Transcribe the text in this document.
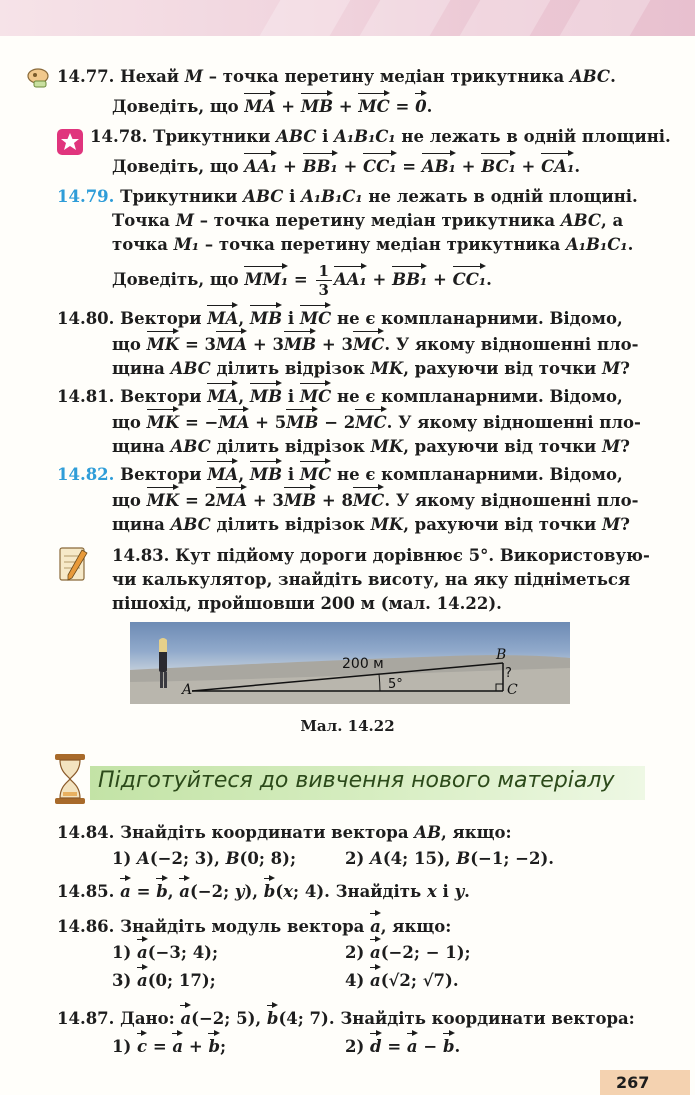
14.77. Нехай M – точка перетину медіан трикутника ABC.
Доведіть, що MA + MB + MC = 0.
14.78. Трикутники ABC і A₁B₁C₁ не лежать в одній площині.
Доведіть, що AA₁ + BB₁ + CC₁ = AB₁ + BC₁ + CA₁.
14.79. Трикутники ABC і A₁B₁C₁ не лежать в одній площині.
Точка M – точка перетину медіан трикутника ABC, а
точка M₁ – точка перетину медіан трикутника A₁B₁C₁.
Доведіть, що $MM_1 = \frac{1}{3} AA_1 + BB_1 + CC_1$.
14.80. Вектори MA, MB і MC не є компланарними. Відомо,
що MK = 3MA + 3MB + 3MC. У якому відношенні пло-
щина ABC ділить відрізок MK, рахуючи від точки M?
14.81. Вектори MA, MB і MC не є компланарними. Відомо,
що MK = −MA + 5MB − 2MC. У якому відношенні пло-
щина ABC ділить відрізок MK, рахуючи від точки M?
14.82. Вектори MA, MB і MC не є компланарними. Відомо,
що MK = 2MA + 3MB + 8MC. У якому відношенні пло-
щина ABC ділить відрізок MK, рахуючи від точки M?
14.83. Кут підйому дороги дорівнює 5°. Використовую-
чи калькулятор, знайдіть висоту, на яку підніметься
пішохід, пройшовши 200 м (мал. 14.22).
200 м
5°
A
B
C
?
Мал. 14.22
Підготуйтеся до вивчення нового матеріалу
14.84. Знайдіть координати вектора AB, якщо:
1) A(−2; 3), B(0; 8);	2) A(4; 15), B(−1; −2).
14.85. a = b, a(−2; y), b(x; 4). Знайдіть x і y.
14.86. Знайдіть модуль вектора a, якщо:
1) a(−3; 4);	2) a(−2; − 1);
3) a(0; 17);	4) a(√2; √7).
14.87. Дано: a(−2; 5), b(4; 7). Знайдіть координати вектора:
1) c = a + b;	2) d = a − b.
267
